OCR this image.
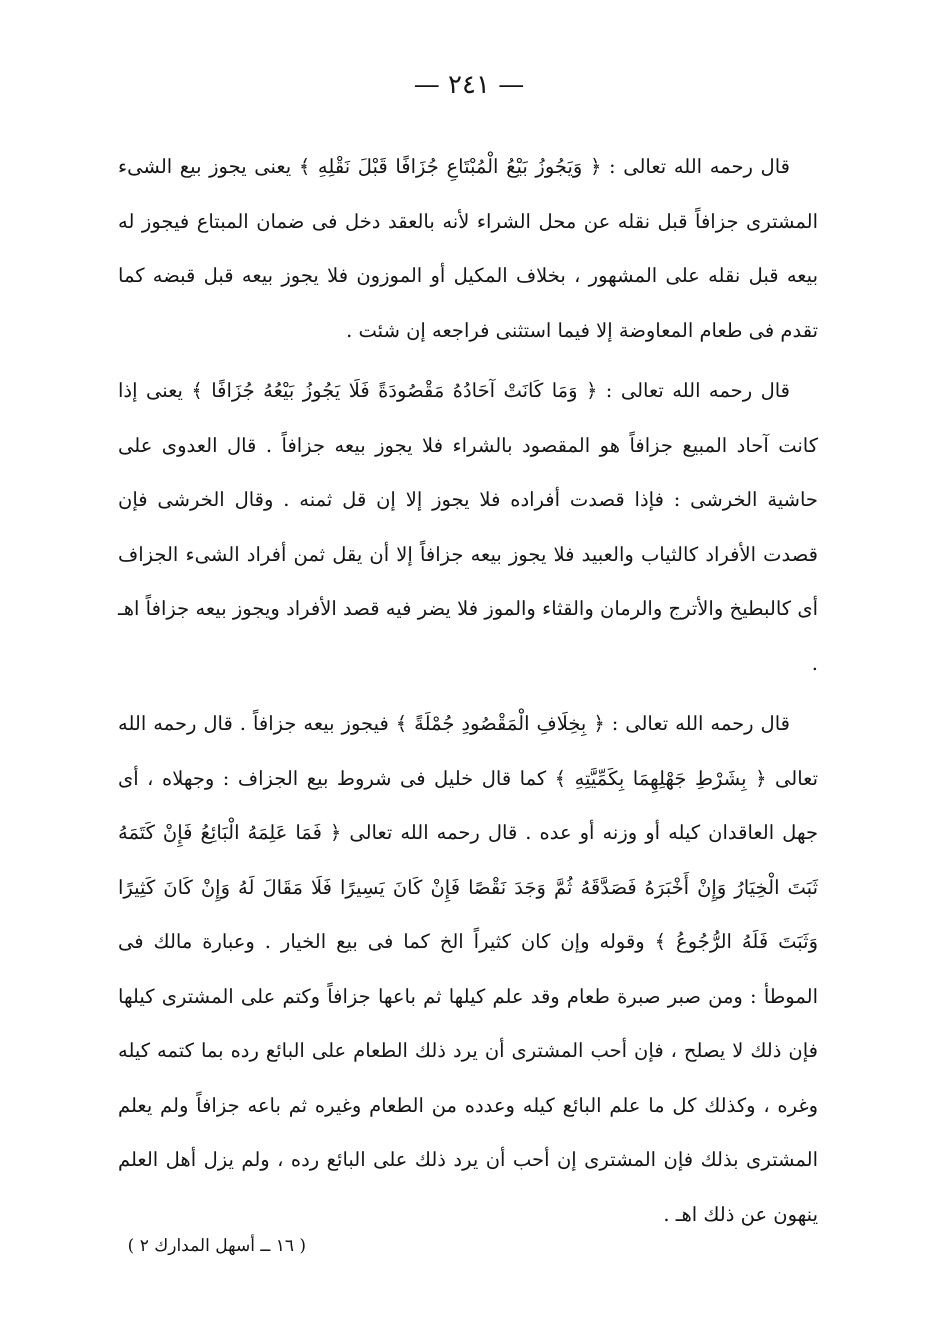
— ٢٤١ —

قال رحمه الله تعالى : ﴿ وَيَجُوزُ بَيْعُ الْمُبْتَاعِ جُزَافًا قَبْلَ نَقْلِهِ ﴾ يعنى يجوز بيع الشىء المشترى جزافاً قبل نقله عن محل الشراء لأنه بالعقد دخل فى ضمان المبتاع فيجوز له بيعه قبل نقله على المشهور ، بخلاف المكيل أو الموزون فلا يجوز بيعه قبل قبضه كما تقدم فى طعام المعاوضة إلا فيما استثنى فراجعه إن شئت .

قال رحمه الله تعالى : ﴿ وَمَا كَانَتْ آحَادُهُ مَقْصُودَةً فَلَا يَجُوزُ بَيْعُهُ جُزَافًا ﴾ يعنى إذا كانت آحاد المبيع جزافاً هو المقصود بالشراء فلا يجوز بيعه جزافاً . قال العدوى على حاشية الخرشى : فإذا قصدت أفراده فلا يجوز إلا إن قل ثمنه . وقال الخرشى فإن قصدت الأفراد كالثياب والعبيد فلا يجوز بيعه جزافاً إلا أن يقل ثمن أفراد الشىء الجزاف أى كالبطيخ والأترج والرمان والقثاء والموز فلا يضر فيه قصد الأفراد ويجوز بيعه جزافاً اهـ .

قال رحمه الله تعالى : ﴿ بِخِلَافِ الْمَقْصُودِ جُمْلَةً ﴾ فيجوز بيعه جزافاً . قال رحمه الله تعالى ﴿ بِشَرْطِ جَهْلِهِمَا بِكَمِّيَّتِهِ ﴾ كما قال خليل فى شروط بيع الجزاف : وجهلاه ، أى جهل العاقدان كيله أو وزنه أو عده . قال رحمه الله تعالى ﴿ فَمَا عَلِمَهُ الْبَائِعُ فَإِنْ كَتَمَهُ ثَبَتَ الْخِيَارُ وَإِنْ أَخْبَرَهُ فَصَدَّقَهُ ثُمَّ وَجَدَ نَقْصًا فَإِنْ كَانَ يَسِيرًا فَلَا مَقَالَ لَهُ وَإِنْ كَانَ كَثِيرًا وَثَبَتَ فَلَهُ الرُّجُوعُ ﴾ وقوله وإن كان كثيراً الخ كما فى بيع الخيار . وعبارة مالك فى الموطأ : ومن صبر صبرة طعام وقد علم كيلها ثم باعها جزافاً وكتم على المشترى كيلها فإن ذلك لا يصلح ، فإن أحب المشترى أن يرد ذلك الطعام على البائع رده بما كتمه كيله وغره ، وكذلك كل ما علم البائع كيله وعدده من الطعام وغيره ثم باعه جزافاً ولم يعلم المشترى بذلك فإن المشترى إن أحب أن يرد ذلك على البائع رده ، ولم يزل أهل العلم ينهون عن ذلك اهـ .

( ١٦ ــ أسهل المدارك ٢ )
